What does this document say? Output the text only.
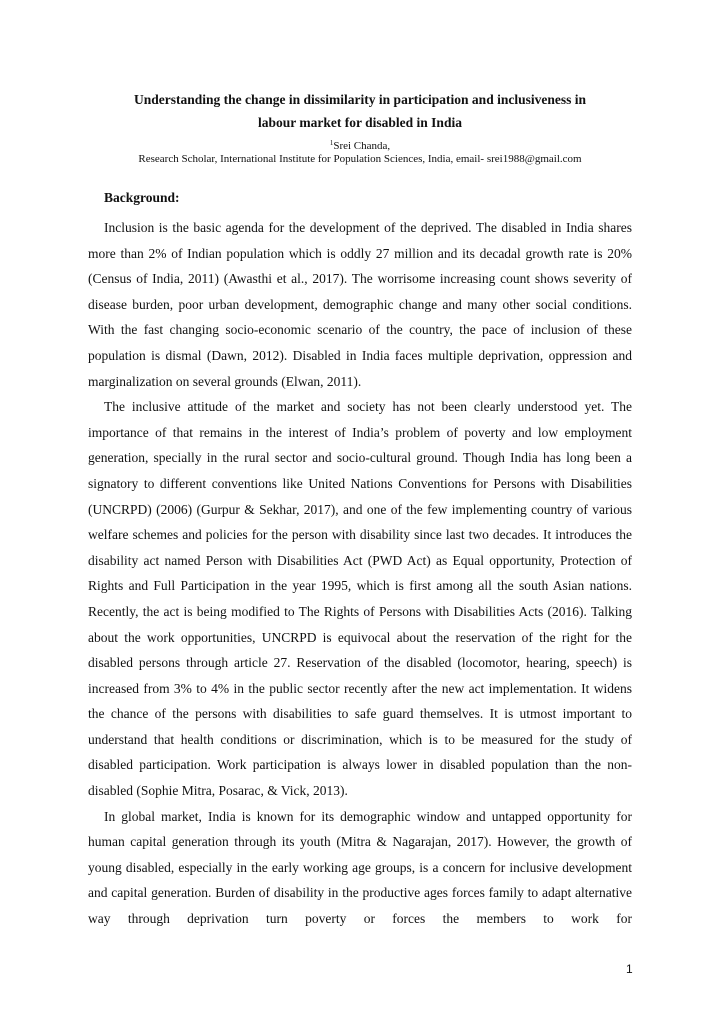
Understanding the change in dissimilarity in participation and inclusiveness in
labour market for disabled in India
$^1$Srei Chanda,
Research Scholar, International Institute for Population Sciences, India, email- srei1988@gmail.com
Background:

Inclusion is the basic agenda for the development of the deprived. The disabled in India shares more than 2% of Indian population which is oddly 27 million and its decadal growth rate is 20% (Census of India, 2011) (Awasthi et al., 2017). The worrisome increasing count shows severity of disease burden, poor urban development, demographic change and many other social conditions. With the fast changing socio-economic scenario of the country, the pace of inclusion of these population is dismal (Dawn, 2012). Disabled in India faces multiple deprivation, oppression and marginalization on several grounds (Elwan, 2011).

The inclusive attitude of the market and society has not been clearly understood yet. The importance of that remains in the interest of India’s problem of poverty and low employment generation, specially in the rural sector and socio-cultural ground. Though India has long been a signatory to different conventions like United Nations Conventions for Persons with Disabilities (UNCRPD) (2006) (Gurpur & Sekhar, 2017), and one of the few implementing country of various welfare schemes and policies for the person with disability since last two decades. It introduces the disability act named Person with Disabilities Act (PWD Act) as Equal opportunity, Protection of Rights and Full Participation in the year 1995, which is first among all the south Asian nations. Recently, the act is being modified to The Rights of Persons with Disabilities Acts (2016). Talking about the work opportunities, UNCRPD is equivocal about the reservation of the right for the disabled persons through article 27. Reservation of the disabled (locomotor, hearing, speech) is increased from 3% to 4% in the public sector recently after the new act implementation. It widens the chance of the persons with disabilities to safe guard themselves. It is utmost important to understand that health conditions or discrimination, which is to be measured for the study of disabled participation. Work participation is always lower in disabled population than the non-disabled (Sophie Mitra, Posarac, & Vick, 2013).

In global market, India is known for its demographic window and untapped opportunity for human capital generation through its youth (Mitra & Nagarajan, 2017). However, the growth of young disabled, especially in the early working age groups, is a concern for inclusive development and capital generation. Burden of disability in the productive ages forces family to adapt alternative way through deprivation turn poverty or forces the members to work for

1
